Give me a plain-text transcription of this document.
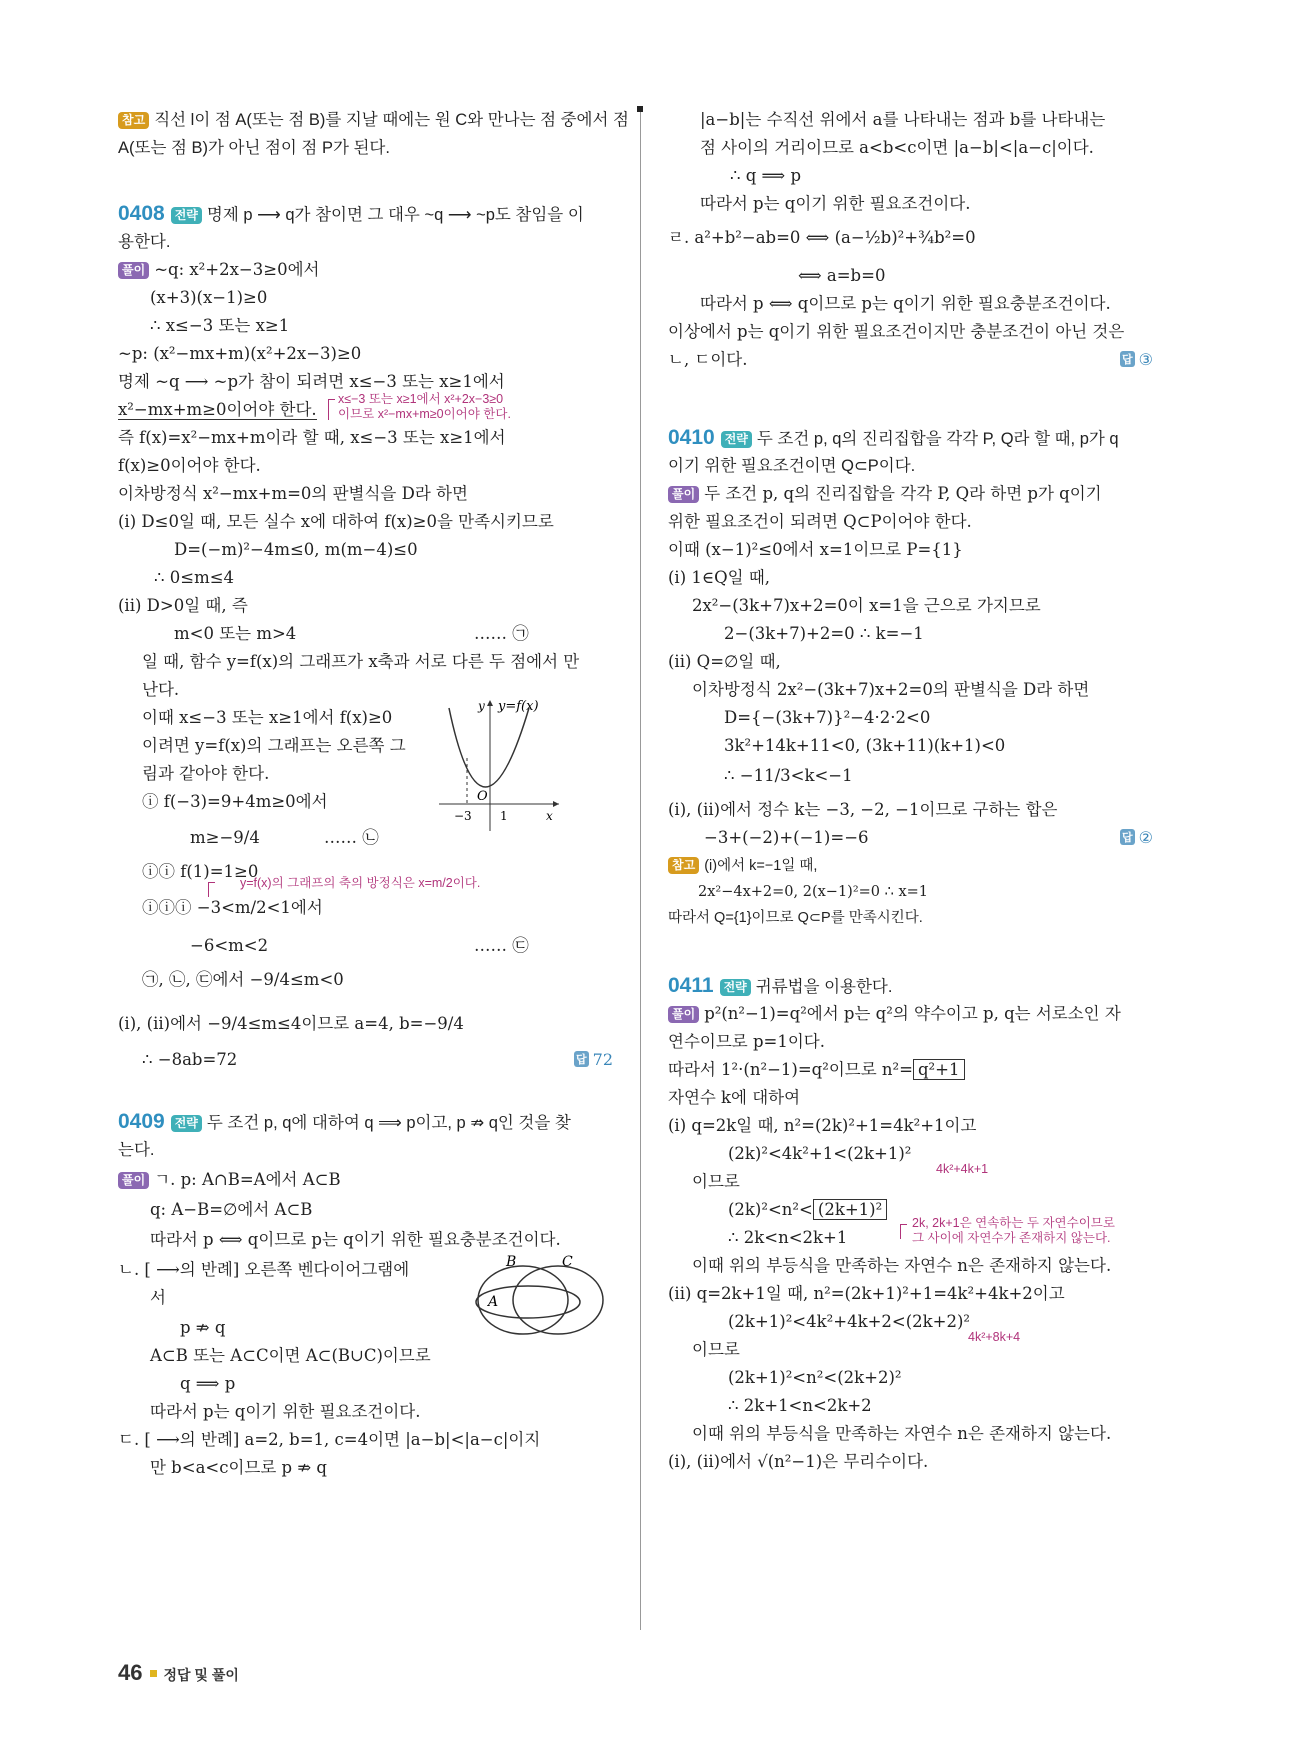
참고 직선 l이 점 A(또는 점 B)를 지날 때에는 원 C와 만나는 점 중에서 점
A(또는 점 B)가 아닌 점이 점 P가 된다.
0408 전략 명제 p ⟶ q가 참이면 그 대우 ~q ⟶ ~p도 참임을 이
용한다.
풀이 ~q: x²+2x−3≥0에서
(x+3)(x−1)≥0
∴ x≤−3 또는 x≥1
~p: (x²−mx+m)(x²+2x−3)≥0
명제 ~q ⟶ ~p가 참이 되려면 x≤−3 또는 x≥1에서
x²−mx+m≥0이어야 한다.
x≤−3 또는 x≥1에서 x²+2x−3≥0
이므로 x²−mx+m≥0이어야 한다.
즉 f(x)=x²−mx+m이라 할 때, x≤−3 또는 x≥1에서
f(x)≥0이어야 한다.
이차방정식 x²−mx+m=0의 판별식을 D라 하면
(i) D≤0일 때, 모든 실수 x에 대하여 f(x)≥0을 만족시키므로
D=(−m)²−4m≤0, m(m−4)≤0
∴ 0≤m≤4
(ii) D>0일 때, 즉
m<0 또는 m>4	…… ㉠
일 때, 함수 y=f(x)의 그래프가 x축과 서로 다른 두 점에서 만
난다.
이때 x≤−3 또는 x≥1에서 f(x)≥0
이려면 y=f(x)의 그래프는 오른쪽 그
림과 같아야 한다.
y y=f(x)
O
−3 1	x
ⓘ f(−3)=9+4m≥0에서
m≥−9/4	…… ㉡
ⓘⓘ f(1)=1≥0
y=f(x)의 그래프의 축의 방정식은 x=m/2이다.
ⓘⓘⓘ −3<m/2<1에서
−6<m<2	…… ㉢
㉠, ㉡, ㉢에서 −9/4≤m<0
(i), (ii)에서 −9/4≤m≤4이므로 a=4, b=−9/4
∴ −8ab=72	답 72
0409 전략 두 조건 p, q에 대하여 q ⟹ p이고, p ⇏ q인 것을 찾
는다.
풀이 ㄱ. p: A∩B=A에서 A⊂B
q: A−B=∅에서 A⊂B
따라서 p ⟺ q이므로 p는 q이기 위한 필요충분조건이다.
ㄴ. [ ⟶의 반례] 오른쪽 벤다이어그램에
서
p ⇏ q
A
B	C
A⊂B 또는 A⊂C이면 A⊂(B∪C)이므로
q ⟹ p
따라서 p는 q이기 위한 필요조건이다.
ㄷ. [ ⟶의 반례] a=2, b=1, c=4이면 |a−b|<|a−c|이지
만 b<a<c이므로 p ⇏ q
|a−b|는 수직선 위에서 a를 나타내는 점과 b를 나타내는
점 사이의 거리이므로 a<b<c이면 |a−b|<|a−c|이다.
∴ q ⟹ p
따라서 p는 q이기 위한 필요조건이다.
ㄹ. a²+b²−ab=0 ⟺ (a−½b)²+¾b²=0
⟺ a=b=0
따라서 p ⟺ q이므로 p는 q이기 위한 필요충분조건이다.
이상에서 p는 q이기 위한 필요조건이지만 충분조건이 아닌 것은
ㄴ, ㄷ이다.	답 ③
0410 전략 두 조건 p, q의 진리집합을 각각 P, Q라 할 때, p가 q
이기 위한 필요조건이면 Q⊂P이다.
풀이 두 조건 p, q의 진리집합을 각각 P, Q라 하면 p가 q이기
위한 필요조건이 되려면 Q⊂P이어야 한다.
이때 (x−1)²≤0에서 x=1이므로 P={1}
(i) 1∈Q일 때,
2x²−(3k+7)x+2=0이 x=1을 근으로 가지므로
2−(3k+7)+2=0 ∴ k=−1
(ii) Q=∅일 때,
이차방정식 2x²−(3k+7)x+2=0의 판별식을 D라 하면
D={−(3k+7)}²−4·2·2<0
3k²+14k+11<0, (3k+11)(k+1)<0
∴ −11/3<k<−1
(i), (ii)에서 정수 k는 −3, −2, −1이므로 구하는 합은
−3+(−2)+(−1)=−6	답 ②
참고 (i)에서 k=−1일 때,
2x²−4x+2=0, 2(x−1)²=0 ∴ x=1
따라서 Q={1}이므로 Q⊂P를 만족시킨다.
0411 전략 귀류법을 이용한다.
풀이 p²(n²−1)=q²에서 p는 q²의 약수이고 p, q는 서로소인 자
연수이므로 p=1이다.
따라서 1²·(n²−1)=q²이므로 n²= q²+1
자연수 k에 대하여
(i) q=2k일 때, n²=(2k)²+1=4k²+1이고
(2k)²<4k²+1<(2k+1)²
4k²+4k+1
이므로
(2k)²<n²< (2k+1)²
∴ 2k<n<2k+1
2k, 2k+1은 연속하는 두 자연수이므로
그 사이에 자연수가 존재하지 않는다.
이때 위의 부등식을 만족하는 자연수 n은 존재하지 않는다.
(ii) q=2k+1일 때, n²=(2k+1)²+1=4k²+4k+2이고
(2k+1)²<4k²+4k+2<(2k+2)²
4k²+8k+4
이므로
(2k+1)²<n²<(2k+2)²
∴ 2k+1<n<2k+2
이때 위의 부등식을 만족하는 자연수 n은 존재하지 않는다.
(i), (ii)에서 √(n²−1)은 무리수이다.
46 정답 및 풀이
